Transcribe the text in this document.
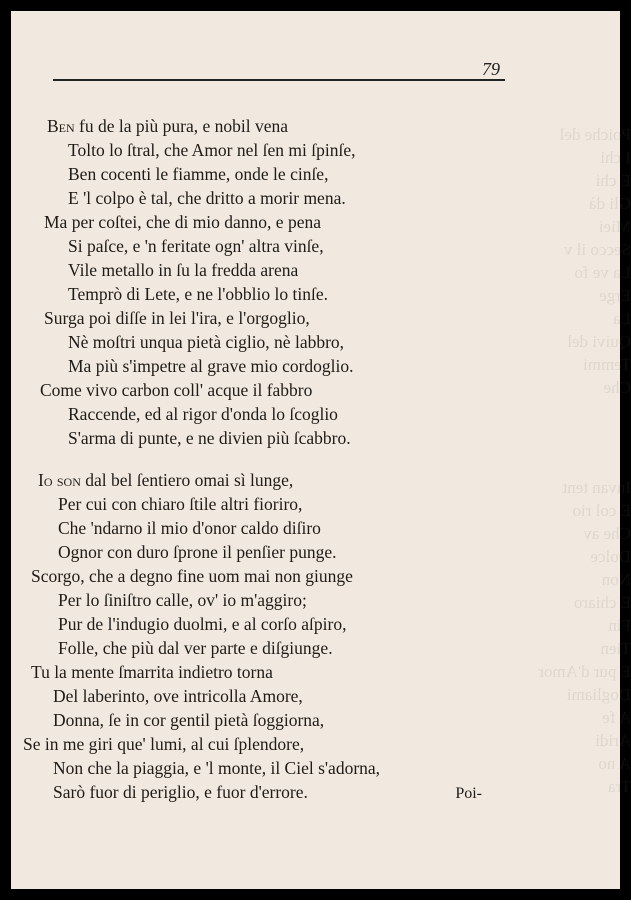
Poiche del
I chi
E chi
Gli dà
Miei
Secco il v
La ve fo
Erge
La
Quivi del
Temmi
Che
Invan tent
E col rio
Che av
Dolce
Non
E chiaro
Fin
Tien
E pur d'Amor
Dogliami
A fe
Aridi
A no
Tra
79
Ben fu de la più pura, e nobil vena
Tolto lo ſtral, che Amor nel ſen mi ſpinſe,
Ben cocenti le fiamme, onde le cinſe,
E 'l colpo è tal, che dritto a morir mena.
Ma per coſtei, che di mio danno, e pena
Si paſce, e 'n feritate ogn' altra vinſe,
Vile metallo in ſu la fredda arena
Temprò di Lete, e ne l'obblio lo tinſe.
Surga poi diſſe in lei l'ira, e l'orgoglio,
Nè moſtri unqua pietà ciglio, nè labbro,
Ma più s'impetre al grave mio cordoglio.
Come vivo carbon coll' acque il fabbro
Raccende, ed al rigor d'onda lo ſcoglio
S'arma di punte, e ne divien più ſcabbro.
Io son dal bel ſentiero omai sì lunge,
Per cui con chiaro ſtile altri fioriro,
Che 'ndarno il mio d'onor caldo diſiro
Ognor con duro ſprone il penſier punge.
Scorgo, che a degno fine uom mai non giunge
Per lo ſiniſtro calle, ov' io m'aggiro;
Pur de l'indugio duolmi, e al corſo aſpiro,
Folle, che più dal ver parte e diſgiunge.
Tu la mente ſmarrita indietro torna
Del laberinto, ove intricolla Amore,
Donna, ſe in cor gentil pietà ſoggiorna,
Se in me giri que' lumi, al cui ſplendore,
Non che la piaggia, e 'l monte, il Ciel s'adorna,
Sarò fuor di periglio, e fuor d'errore.	Poi-
